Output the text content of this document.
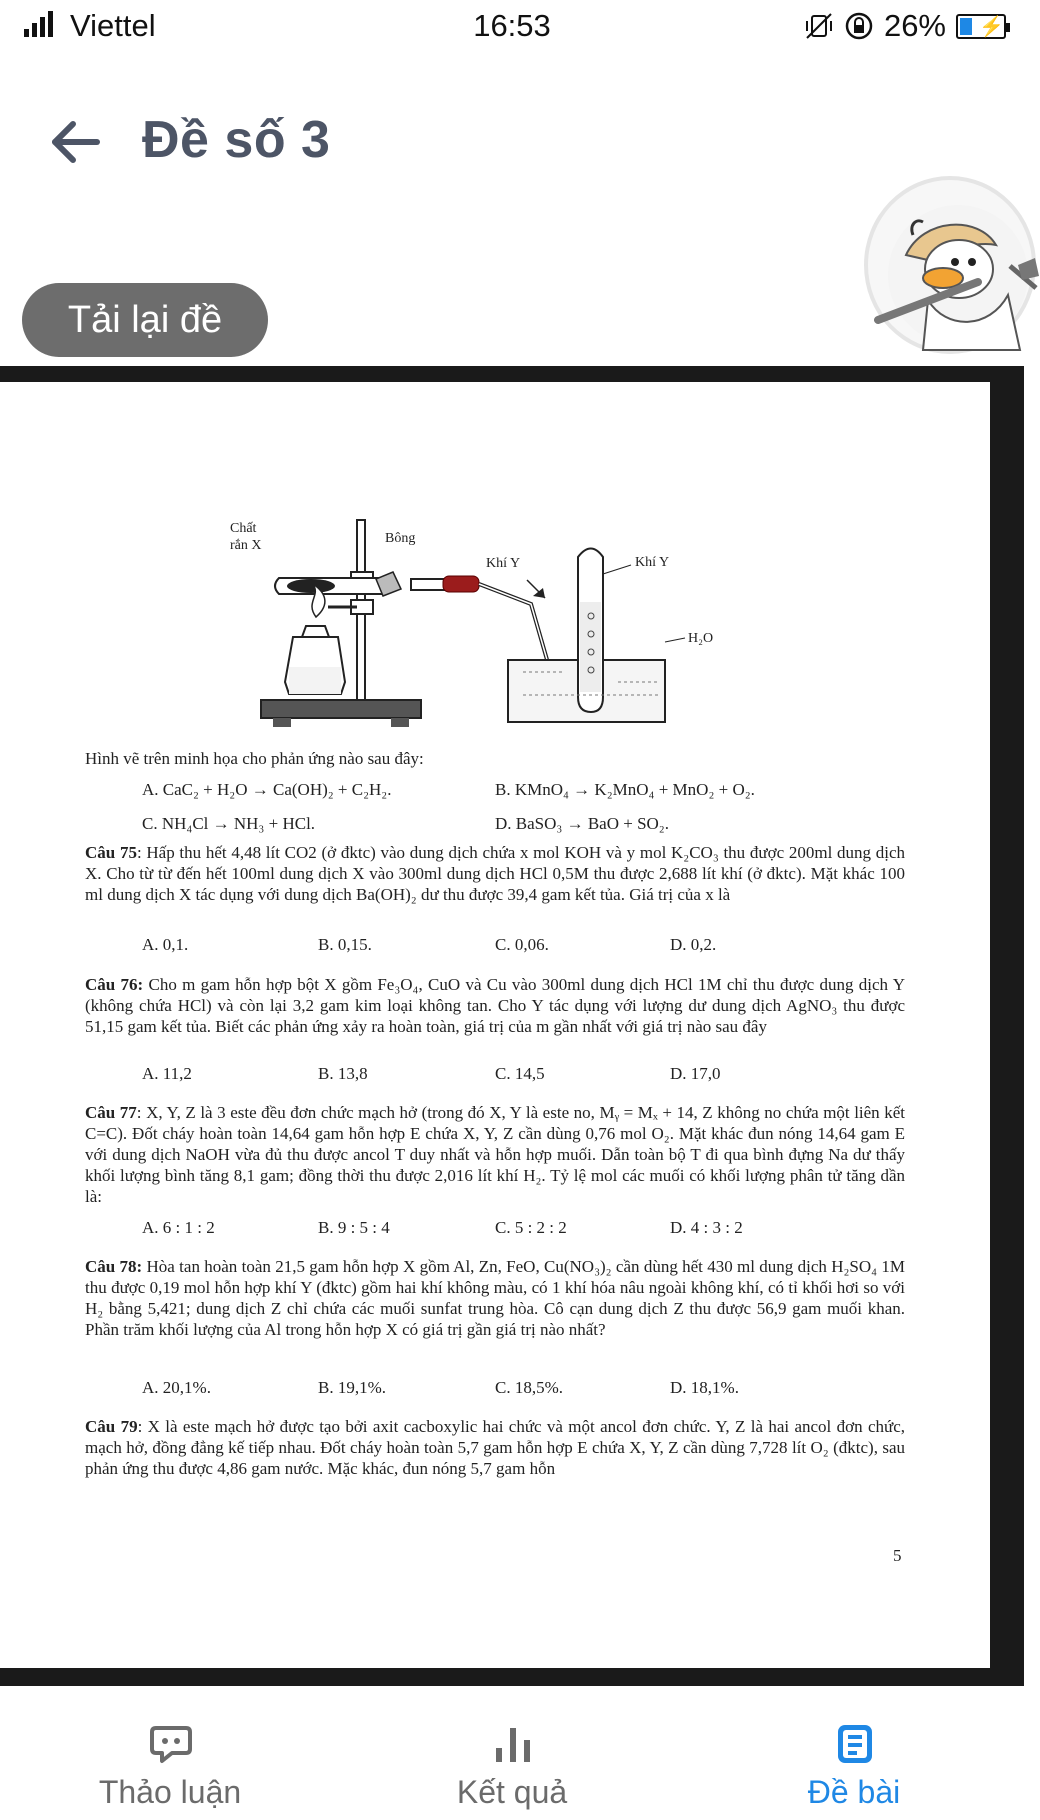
Viettel	16:53	26% ⚡
Đề số 3
Tải lại đề
Chất
rắn X	Bông
Khí Y	Khí Y
H₂O
Hình vẽ trên minh họa cho phản ứng nào sau đây:
A. CaC₂ + H₂O → Ca(OH)₂ + C₂H₂.	B. KMnO₄ → K₂MnO₄ + MnO₂ + O₂.
C. NH₄Cl → NH₃ + HCl.	D. BaSO₃ → BaO + SO₂.
Câu 75: Hấp thu hết 4,48 lít CO2 (ở đktc) vào dung dịch chứa x mol KOH và y mol K₂CO₃ thu được 200ml dung dịch X. Cho từ từ đến hết 100ml dung dịch X vào 300ml dung dịch HCl 0,5M thu được 2,688 lít khí (ở đktc). Mặt khác 100 ml dung dịch X tác dụng với dung dịch Ba(OH)₂ dư thu được 39,4 gam kết tủa. Giá trị của x là
A. 0,1.	B. 0,15.	C. 0,06.	D. 0,2.
Câu 76: Cho m gam hỗn hợp bột X gồm Fe₃O₄, CuO và Cu vào 300ml dung dịch HCl 1M chỉ thu được dung dịch Y (không chứa HCl) và còn lại 3,2 gam kim loại không tan. Cho Y tác dụng với lượng dư dung dịch AgNO₃ thu được 51,15 gam kết tủa. Biết các phản ứng xảy ra hoàn toàn, giá trị của m gần nhất với giá trị nào sau đây
A. 11,2	B. 13,8	C. 14,5	D. 17,0
Câu 77: X, Y, Z là 3 este đều đơn chức mạch hở (trong đó X, Y là este no, Mᵧ = Mₓ + 14, Z không no chứa một liên kết C=C). Đốt cháy hoàn toàn 14,64 gam hỗn hợp E chứa X, Y, Z cần dùng 0,76 mol O₂. Mặt khác đun nóng 14,64 gam E với dung dịch NaOH vừa đủ thu được ancol T duy nhất và hỗn hợp muối. Dẫn toàn bộ T đi qua bình đựng Na dư thấy khối lượng bình tăng 8,1 gam; đồng thời thu được 2,016 lít khí H₂. Tỷ lệ mol các muối có khối lượng phân tử tăng dần là:
A. 6 : 1 : 2	B. 9 : 5 : 4	C. 5 : 2 : 2	D. 4 : 3 : 2
Câu 78: Hòa tan hoàn toàn 21,5 gam hỗn hợp X gồm Al, Zn, FeO, Cu(NO₃)₂ cần dùng hết 430 ml dung dịch H₂SO₄ 1M thu được 0,19 mol hỗn hợp khí Y (đktc) gồm hai khí không màu, có 1 khí hóa nâu ngoài không khí, có tỉ khối hơi so với H₂ bằng 5,421; dung dịch Z chỉ chứa các muối sunfat trung hòa. Cô cạn dung dịch Z thu được 56,9 gam muối khan. Phần trăm khối lượng của Al trong hỗn hợp X có giá trị gần giá trị nào nhất?
A. 20,1%.	B. 19,1%.	C. 18,5%.	D. 18,1%.
Câu 79: X là este mạch hở được tạo bởi axit cacboxylic hai chức và một ancol đơn chức. Y, Z là hai ancol đơn chức, mạch hở, đồng đẳng kế tiếp nhau. Đốt cháy hoàn toàn 5,7 gam hỗn hợp E chứa X, Y, Z cần dùng 7,728 lít O₂ (đktc), sau phản ứng thu được 4,86 gam nước. Mặc khác, đun nóng 5,7 gam hỗn
5
Thảo luận	Kết quả	Đề bài
